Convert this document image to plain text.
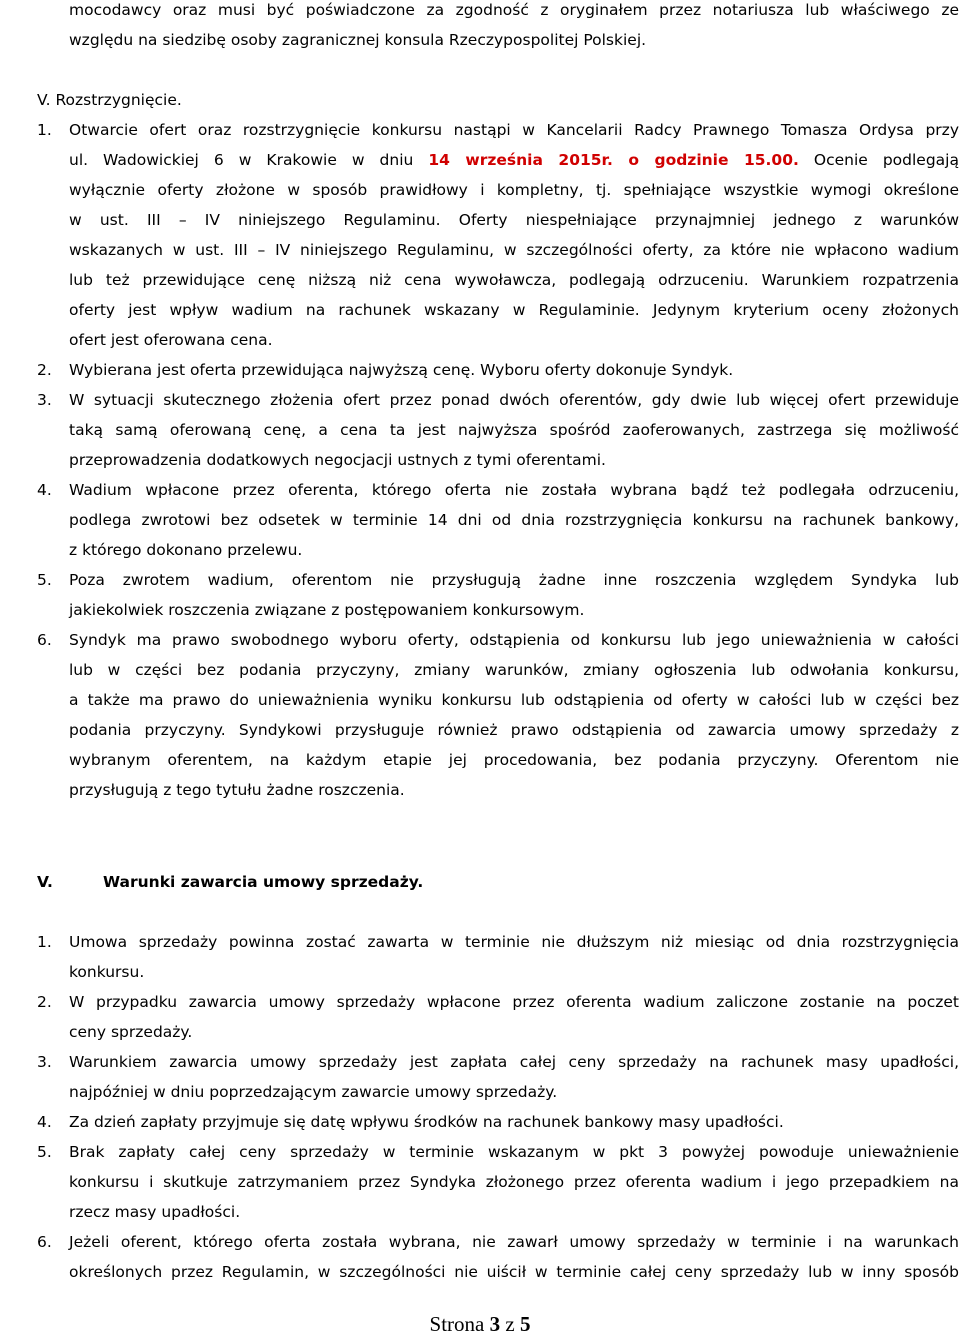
mocodawcy oraz musi być poświadczone za zgodność z oryginałem przez notariusza lub właściwego ze
względu na siedzibę osoby zagranicznej konsula Rzeczypospolitej Polskiej.
V. Rozstrzygnięcie.
1. Otwarcie ofert oraz rozstrzygnięcie konkursu nastąpi w Kancelarii Radcy Prawnego Tomasza Ordysa przy
ul. Wadowickiej 6 w Krakowie w dniu 14 września 2015r. o godzinie 15.00. Ocenie podlegają
wyłącznie oferty złożone w sposób prawidłowy i kompletny, tj. spełniające wszystkie wymogi określone
w ust. III – IV niniejszego Regulaminu. Oferty niespełniające przynajmniej jednego z warunków
wskazanych w ust. III – IV niniejszego Regulaminu, w szczególności oferty, za które nie wpłacono wadium
lub też przewidujące cenę niższą niż cena wywoławcza, podlegają odrzuceniu. Warunkiem rozpatrzenia
oferty jest wpływ wadium na rachunek wskazany w Regulaminie. Jedynym kryterium oceny złożonych
ofert jest oferowana cena.
2. Wybierana jest oferta przewidująca najwyższą cenę. Wyboru oferty dokonuje Syndyk.
3. W sytuacji skutecznego złożenia ofert przez ponad dwóch oferentów, gdy dwie lub więcej ofert przewiduje
taką samą oferowaną cenę, a cena ta jest najwyższa spośród zaoferowanych, zastrzega się możliwość
przeprowadzenia dodatkowych negocjacji ustnych z tymi oferentami.
4. Wadium wpłacone przez oferenta, którego oferta nie została wybrana bądź też podlegała odrzuceniu,
podlega zwrotowi bez odsetek w terminie 14 dni od dnia rozstrzygnięcia konkursu na rachunek bankowy,
z którego dokonano przelewu.
5. Poza zwrotem wadium, oferentom nie przysługują żadne inne roszczenia względem Syndyka lub
jakiekolwiek roszczenia związane z postępowaniem konkursowym.
6. Syndyk ma prawo swobodnego wyboru oferty, odstąpienia od konkursu lub jego unieważnienia w całości
lub w części bez podania przyczyny, zmiany warunków, zmiany ogłoszenia lub odwołania konkursu,
a także ma prawo do unieważnienia wyniku konkursu lub odstąpienia od oferty w całości lub w części bez
podania przyczyny. Syndykowi przysługuje również prawo odstąpienia od zawarcia umowy sprzedaży z
wybranym oferentem, na każdym etapie jej procedowania, bez podania przyczyny. Oferentom nie
przysługują z tego tytułu żadne roszczenia.
V.	Warunki zawarcia umowy sprzedaży.
1. Umowa sprzedaży powinna zostać zawarta w terminie nie dłuższym niż miesiąc od dnia rozstrzygnięcia
konkursu.
2. W przypadku zawarcia umowy sprzedaży wpłacone przez oferenta wadium zaliczone zostanie na poczet
ceny sprzedaży.
3. Warunkiem zawarcia umowy sprzedaży jest zapłata całej ceny sprzedaży na rachunek masy upadłości,
najpóźniej w dniu poprzedzającym zawarcie umowy sprzedaży.
4. Za dzień zapłaty przyjmuje się datę wpływu środków na rachunek bankowy masy upadłości.
5. Brak zapłaty całej ceny sprzedaży w terminie wskazanym w pkt 3 powyżej powoduje unieważnienie
konkursu i skutkuje zatrzymaniem przez Syndyka złożonego przez oferenta wadium i jego przepadkiem na
rzecz masy upadłości.
6. Jeżeli oferent, którego oferta została wybrana, nie zawarł umowy sprzedaży w terminie i na warunkach
określonych przez Regulamin, w szczególności nie uiścił w terminie całej ceny sprzedaży lub w inny sposób
Strona 3 z 5
